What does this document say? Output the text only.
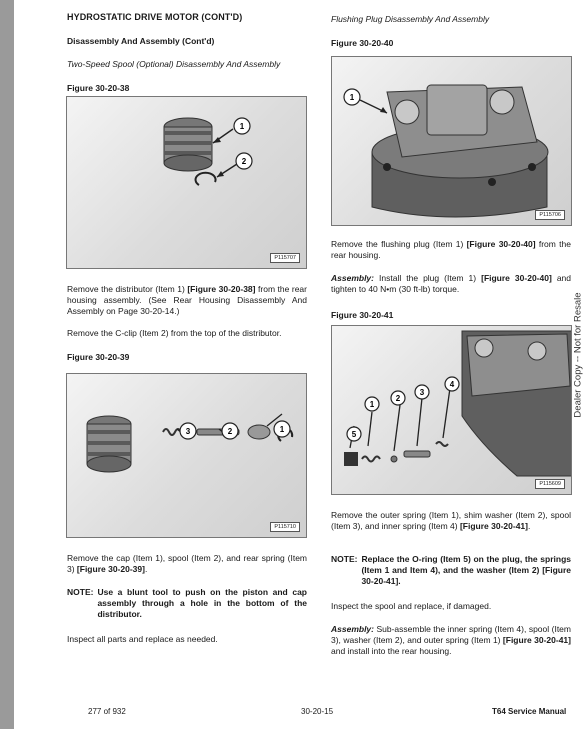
HYDROSTATIC DRIVE MOTOR (CONT'D)
Disassembly And Assembly (Cont'd)
Two-Speed Spool (Optional) Disassembly And Assembly
Figure 30-20-38
1
2
P115707
Remove the distributor (Item 1) [Figure 30-20-38] from the rear housing assembly. (See Rear Housing Disassembly And Assembly on Page 30-20-14.)
Remove the C-clip (Item 2) from the top of the distributor.
Figure 30-20-39
3	2	1
P115710
Remove the cap (Item 1), spool (Item 2), and rear spring (Item 3) [Figure 30-20-39].
NOTE: Use a blunt tool to push on the piston and cap assembly through a hole in the bottom of the distributor.
Inspect all parts and replace as needed.
Flushing Plug Disassembly And Assembly
Figure 30-20-40
1
P115706
Remove the flushing plug (Item 1) [Figure 30-20-40] from the rear housing.
Assembly: Install the plug (Item 1) [Figure 30-20-40] and tighten to 40 N•m (30 ft-lb) torque.
Figure 30-20-41
5
1
2
3
4
P115609
Remove the outer spring (Item 1), shim washer (Item 2), spool (Item 3), and inner spring (Item 4) [Figure 30-20-41].
NOTE: Replace the O-ring (Item 5) on the plug, the springs (Item 1 and Item 4), and the washer (Item 2) [Figure 30-20-41].
Inspect the spool and replace, if damaged.
Assembly: Sub-assemble the inner spring (Item 4), spool (Item 3), washer (Item 2), and outer spring (Item 1) [Figure 30-20-41] and install into the rear housing.
Dealer Copy -- Not for Resale
277 of 932	30-20-15	T64 Service Manual
